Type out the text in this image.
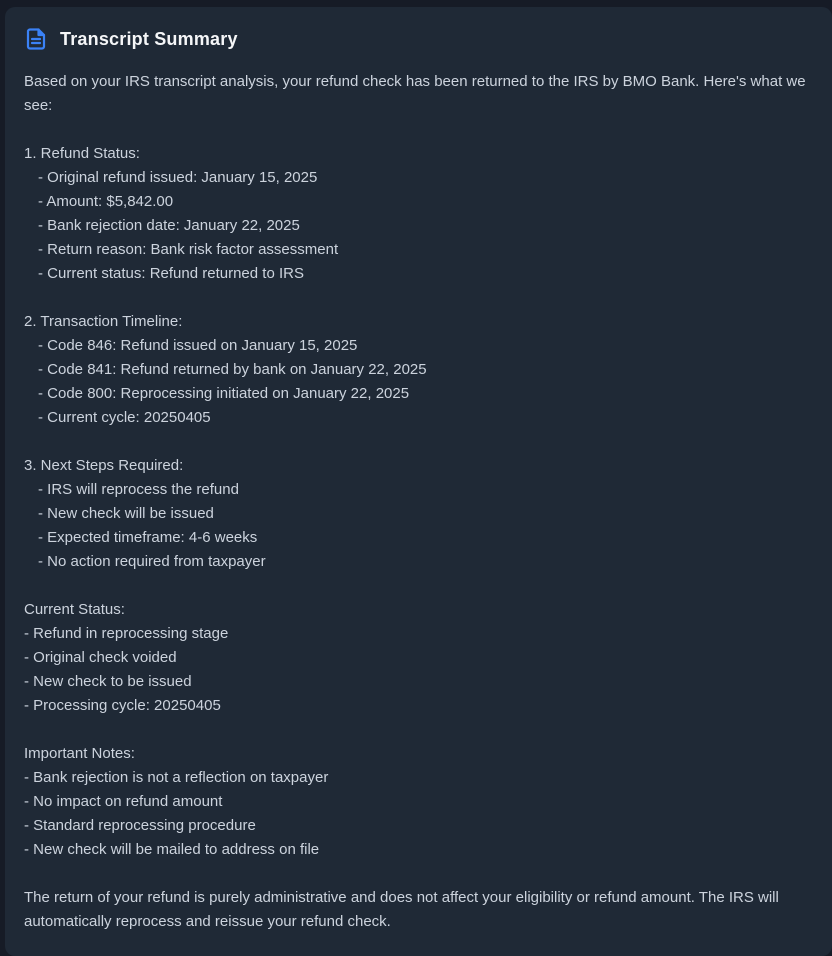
Transcript Summary

Based on your IRS transcript analysis, your refund check has been returned to the IRS by BMO Bank. Here's what we see:

1. Refund Status:
- Original refund issued: January 15, 2025
- Amount: $5,842.00
- Bank rejection date: January 22, 2025
- Return reason: Bank risk factor assessment
- Current status: Refund returned to IRS
2. Transaction Timeline:
- Code 846: Refund issued on January 15, 2025
- Code 841: Refund returned by bank on January 22, 2025
- Code 800: Reprocessing initiated on January 22, 2025
- Current cycle: 20250405
3. Next Steps Required:
- IRS will reprocess the refund
- New check will be issued
- Expected timeframe: 4-6 weeks
- No action required from taxpayer
Current Status:
- Refund in reprocessing stage
- Original check voided
- New check to be issued
- Processing cycle: 20250405
Important Notes:
- Bank rejection is not a reflection on taxpayer
- No impact on refund amount
- Standard reprocessing procedure
- New check will be mailed to address on file

The return of your refund is purely administrative and does not affect your eligibility or refund amount. The IRS will automatically reprocess and reissue your refund check.
